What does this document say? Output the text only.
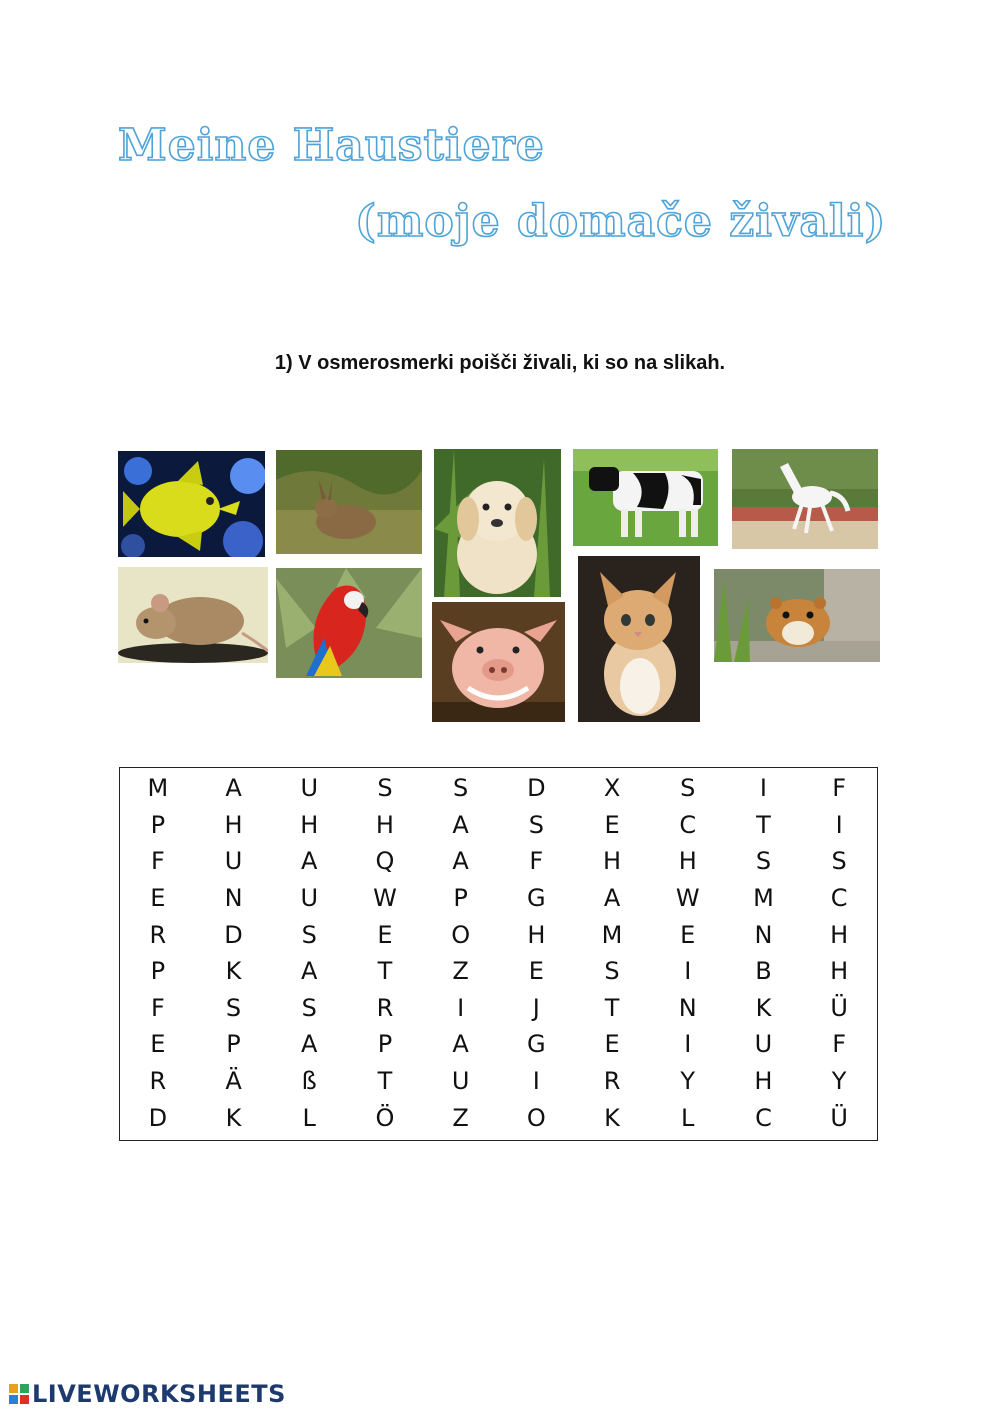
Meine Haustiere
(moje domače živali)
1) V osmerosmerki poišči živali, ki so na slikah.
M	A	U	S	S	D	X	S	I	F
P	H	H	H	A	S	E	C	T	I
F	U	A	Q	A	F	H	H	S	S
E	N	U	W	P	G	A	W	M	C
R	D	S	E	O	H	M	E	N	H
P	K	A	T	Z	E	S	I	B	H
F	S	S	R	I	J	T	N	K	Ü
E	P	A	P	A	G	E	I	U	F
R	Ä	ß	T	U	I	R	Y	H	Y
D	K	L	Ö	Z	O	K	L	C	Ü
LIVEWORKSHEETS
